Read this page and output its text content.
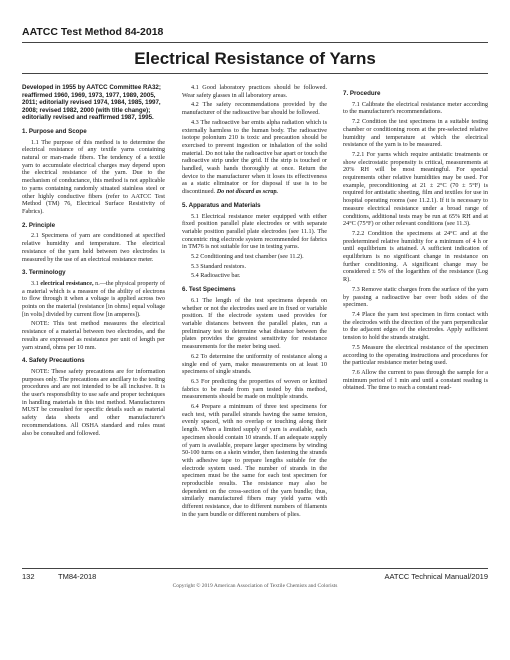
AATCC Test Method 84-2018
Electrical Resistance of Yarns

Developed in 1955 by AATCC Committee RA32; reaffirmed 1960, 1969, 1973, 1977, 1989, 2005, 2011; editorially revised 1974, 1984, 1985, 1997, 2008; revised 1982, 2000 (with title change); editorially revised and reaffirmed 1987, 1995.

1. Purpose and Scope

1.1 The purpose of this method is to determine the electrical resistance of any textile yarns containing natural or man-made fibers. The tendency of a textile yarn to accumulate electrical charges may depend upon the electrical resistance of the yarn. Due to the mechanism of conductance, this method is not applicable to yarns containing randomly situated stainless steel or other highly conductive fibers (refer to AATCC Test Method (TM) 76, Electrical Surface Resistivity of Fabrics).

2. Principle

2.1 Specimens of yarn are conditioned at specified relative humidity and temperature. The electrical resistance of the yarn held between two electrodes is measured by the use of an electrical resistance meter.

3. Terminology

3.1 electrical resistance, n.—the physical property of a material which is a measure of the ability of electrons to flow through it when a voltage is applied across two points on the material (resistance [in ohms] equal voltage [in volts] divided by current flow [in amperes]).

NOTE: This test method measures the electrical resistance of a material between two electrodes, and the results are expressed as resistance per unit of length per yarn strand, ohms per 10 mm.

4. Safety Precautions

NOTE: These safety precautions are for information purposes only. The precautions are ancillary to the testing procedures and are not intended to be all inclusive. It is the user's responsibility to use safe and proper techniques in handling materials in this test method. Manufacturers MUST be consulted for specific details such as material safety data sheets and other manufacturer's recommendations. All OSHA standard and rules must also be consulted and followed.

4.1 Good laboratory practices should be followed. Wear safety glasses in all laboratory areas.

4.2 The safety recommendations provided by the manufacturer of the radioactive bar should be followed.

4.3 The radioactive bar emits alpha radiation which is externally harmless to the human body. The radioactive isotope polonium 210 is toxic and precaution should be exercised to prevent ingestion or inhalation of the solid material. Do not take the radioactive bar apart or touch the radioactive strip under the grid. If the strip is touched or handled, wash hands thoroughly at once. Return the device to the manufacturer when it loses its effectiveness as a static eliminator or for disposal if use is to be discontinued. Do not discard as scrap.

5. Apparatus and Materials

5.1 Electrical resistance meter equipped with either fixed position parallel plate electrodes or with separate variable position parallel plate electrodes (see 11.1). The concentric ring electrode system recommended for fabrics in TM76 is not suitable for use in testing yarns.

5.2 Conditioning and test chamber (see 11.2).

5.3 Standard resistors.

5.4 Radioactive bar.

6. Test Specimens

6.1 The length of the test specimens depends on whether or not the electrodes used are in fixed or variable position. If the electrode system used provides for variable distances between the parallel plates, run a preliminary test to determine what distance between the plates provides the greatest sensitivity for resistance measurements for the meter being used.

6.2 To determine the uniformity of resistance along a single end of yarn, make measurements on at least 10 specimens of single strands.

6.3 For predicting the properties of woven or knitted fabrics to be made from yarn tested by this method, measurements should be made on multiple strands.

6.4 Prepare a minimum of three test specimens for each test, with parallel strands having the same tension, evenly spaced, with no overlap or touching along their length. When a limited supply of yarn is available, each specimen should contain 10 strands. If an adequate supply of yarn is available, prepare larger specimens by winding 50-100 turns on a skein winder, then fastening the strands with adhesive tape to prepare lengths suitable for the electrode system used. The number of strands in the specimen must be the same for each test specimen for reproducible results. The resistance may also be dependent on the cross-section of the yarn bundle; thus, similarly manufactured fibers may yield yarns with different resistance, due to different numbers of filaments in the yarn bundle or different numbers of plies.

7. Procedure

7.1 Calibrate the electrical resistance meter according to the manufacturer's recommendations.

7.2 Condition the test specimens in a suitable testing chamber or conditioning room at the pre-selected relative humidity and temperature at which the electrical resistance of the yarn is to be measured.

7.2.1 For yarns which require antistatic treatments or show electrostatic propensity is critical, measurements at 20% RH will be most meaningful. For special requirements other relative humidities may be used. For example, preconditioning at 21 ± 2°C (70 ± 5°F) is required for antistatic sheeting, film and textiles for use in hospital operating rooms (see 11.2.1). If it is necessary to measure electrical resistance under a broad range of conditions, additional tests may be run at 65% RH and at 24°C (75°F) or other relevant conditions (see 11.3).

7.2.2 Condition the specimens at 24°C and at the predetermined relative humidity for a minimum of 4 h or until equilibrium is attained. A sufficient indication of equilibrium is no significant change in resistance on further conditioning. A significant change may be considered ± 5% of the logarithm of the resistance (Log R).

7.3 Remove static charges from the surface of the yarn by passing a radioactive bar over both sides of the specimen.

7.4 Place the yarn test specimen in firm contact with the electrodes with the direction of the yarn perpendicular to the adjacent edges of the electrodes. Apply sufficient tension to hold the strands straight.

7.5 Measure the electrical resistance of the specimen according to the operating instructions and procedures for the particular resistance meter being used.

7.6 Allow the current to pass through the sample for a minimum period of 1 min and until a constant reading is obtained. The time to reach a constant read-

132	TM84-2018	AATCC Technical Manual/2019
Copyright © 2019 American Association of Textile Chemists and Colorists
